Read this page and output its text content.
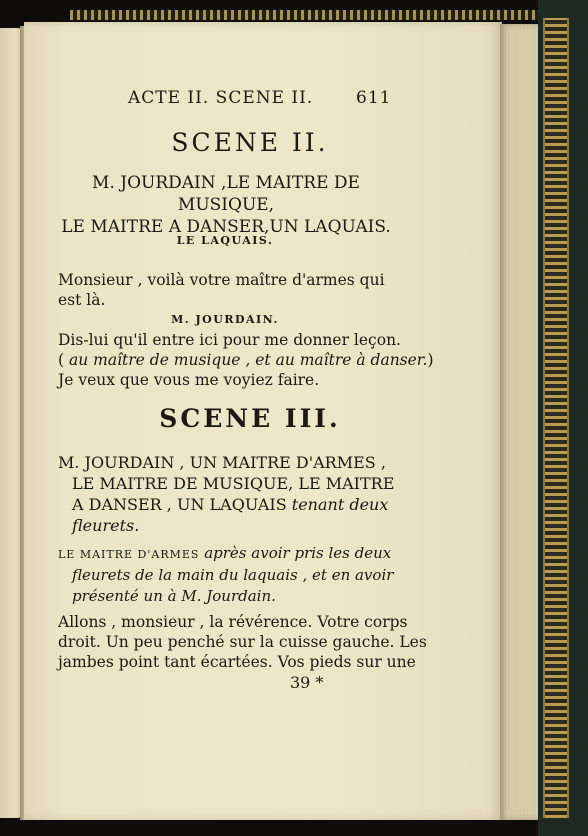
ACTE II. SCENE II.	611
SCENE II.
M. JOURDAIN ,LE MAITRE DE MUSIQUE,
LE MAITRE A DANSER,UN LAQUAIS.
LE LAQUAIS.
Monsieur , voilà votre maître d'armes qui est là.
M. JOURDAIN.
Dis-lui qu'il entre ici pour me donner leçon.
( au maître de musique , et au maître à danser.)
Je veux que vous me voyiez faire.
SCENE III.
M. JOURDAIN , UN MAITRE D'ARMES ,
LE MAITRE DE MUSIQUE, LE MAITRE
A DANSER , UN LAQUAIS tenant deux
fleurets.
LE MAITRE D'ARMES après avoir pris les deux
fleurets de la main du laquais , et en avoir
présenté un à M. Jourdain.
Allons , monsieur , la révérence. Votre corps
droit. Un peu penché sur la cuisse gauche. Les
jambes point tant écartées. Vos pieds sur une
39 *
